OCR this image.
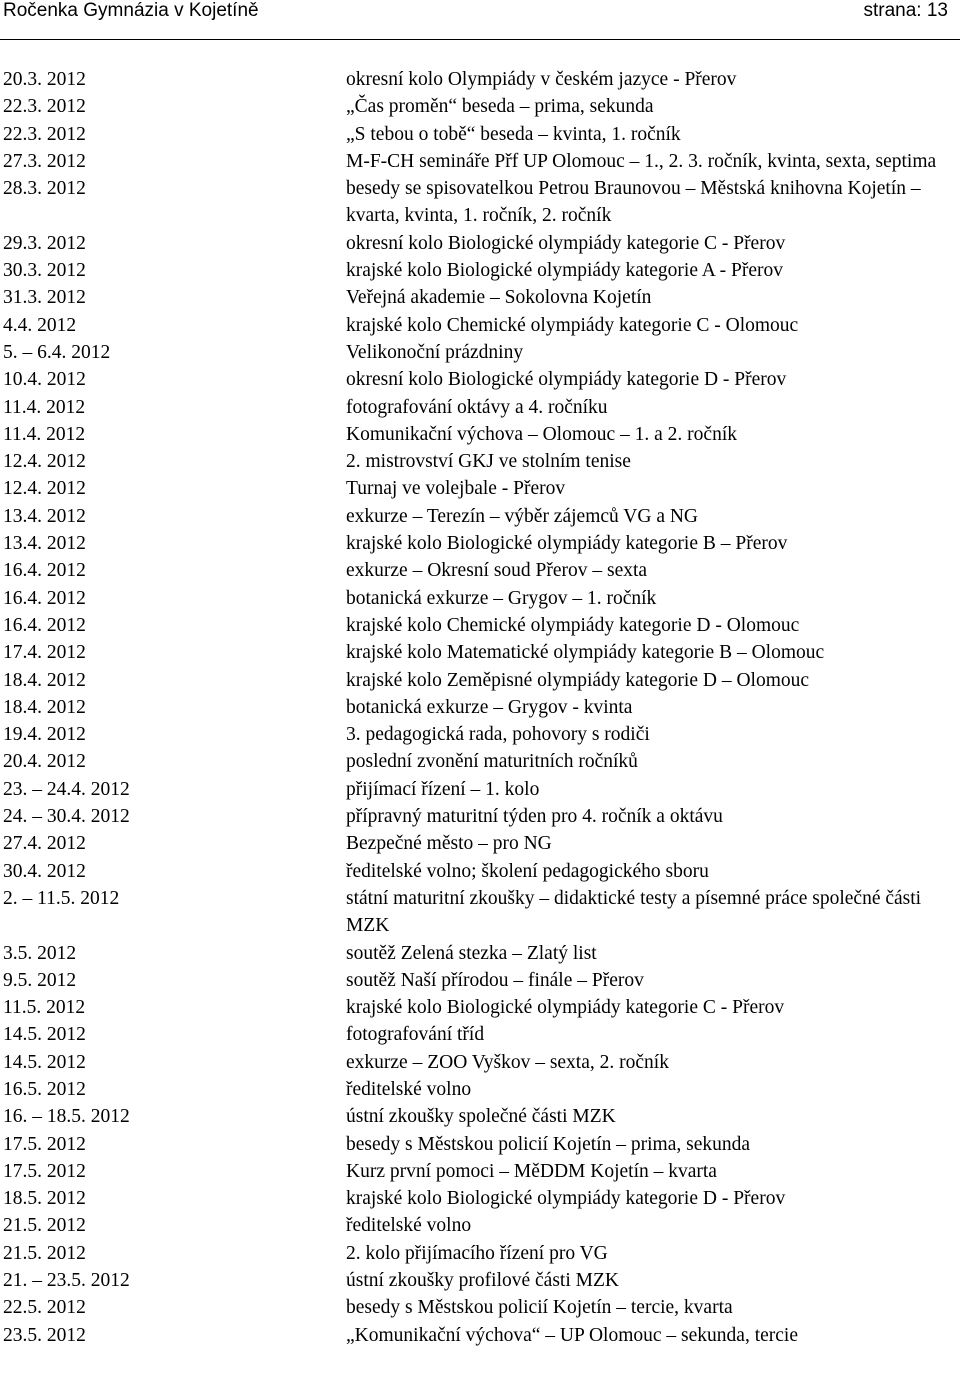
Ročenka Gymnázia v Kojetíně	strana: 13
20.3. 2012	okresní kolo Olympiády v českém jazyce - Přerov
22.3. 2012	„Čas proměn“ beseda – prima, sekunda
22.3. 2012	„S tebou o tobě“ beseda – kvinta, 1. ročník
27.3. 2012	M-F-CH semináře Přf UP Olomouc – 1., 2. 3. ročník, kvinta, sexta, septima
28.3. 2012	besedy se spisovatelkou Petrou Braunovou – Městská knihovna Kojetín – kvarta, kvinta, 1. ročník, 2. ročník
29.3. 2012	okresní kolo Biologické olympiády kategorie C - Přerov
30.3. 2012	krajské kolo Biologické olympiády kategorie A - Přerov
31.3. 2012	Veřejná akademie – Sokolovna Kojetín
4.4. 2012	krajské kolo Chemické olympiády kategorie C - Olomouc
5. – 6.4. 2012	Velikonoční prázdniny
10.4. 2012	okresní kolo Biologické olympiády kategorie D - Přerov
11.4. 2012	fotografování oktávy a 4. ročníku
11.4. 2012	Komunikační výchova – Olomouc – 1. a 2. ročník
12.4. 2012	2. mistrovství GKJ ve stolním tenise
12.4. 2012	Turnaj ve volejbale - Přerov
13.4. 2012	exkurze – Terezín – výběr zájemců VG a NG
13.4. 2012	krajské kolo Biologické olympiády kategorie B – Přerov
16.4. 2012	exkurze – Okresní soud Přerov – sexta
16.4. 2012	botanická exkurze – Grygov – 1. ročník
16.4. 2012	krajské kolo Chemické olympiády kategorie D - Olomouc
17.4. 2012	krajské kolo Matematické olympiády kategorie B – Olomouc
18.4. 2012	krajské kolo Zeměpisné olympiády kategorie D – Olomouc
18.4. 2012	botanická exkurze – Grygov - kvinta
19.4. 2012	3. pedagogická rada, pohovory s rodiči
20.4. 2012	poslední zvonění maturitních ročníků
23. – 24.4. 2012	přijímací řízení – 1. kolo
24. – 30.4. 2012	přípravný maturitní týden pro 4. ročník a oktávu
27.4. 2012	Bezpečné město – pro NG
30.4. 2012	ředitelské volno; školení pedagogického sboru
2. – 11.5. 2012	státní maturitní zkoušky – didaktické testy a písemné práce společné části MZK
3.5. 2012	soutěž Zelená stezka – Zlatý list
9.5. 2012	soutěž Naší přírodou – finále – Přerov
11.5. 2012	krajské kolo Biologické olympiády kategorie C - Přerov
14.5. 2012	fotografování tříd
14.5. 2012	exkurze – ZOO Vyškov – sexta, 2. ročník
16.5. 2012	ředitelské volno
16. – 18.5. 2012	ústní zkoušky společné části MZK
17.5. 2012	besedy s Městskou policií Kojetín – prima, sekunda
17.5. 2012	Kurz první pomoci – MěDDM Kojetín – kvarta
18.5. 2012	krajské kolo Biologické olympiády kategorie D - Přerov
21.5. 2012	ředitelské volno
21.5. 2012	2. kolo přijímacího řízení pro VG
21. – 23.5. 2012	ústní zkoušky profilové části MZK
22.5. 2012	besedy s Městskou policií Kojetín – tercie, kvarta
23.5. 2012	„Komunikační výchova“ – UP Olomouc – sekunda, tercie
